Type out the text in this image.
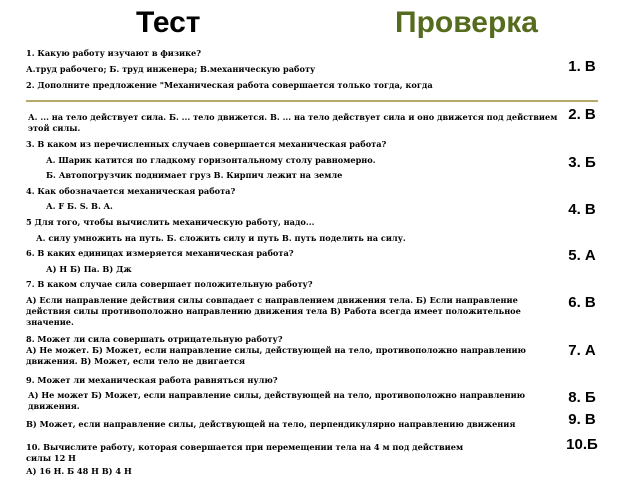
Тест	Проверка
1. Какую работу изучают в физике?
А.труд рабочего; Б. труд инженера; В.механическую работу
2. Дополните предложение "Механическая работа совершается только тогда, когда
А. ... на тело действует сила. Б. ... тело движется. В. ... на тело действует сила и оно движется под действием этой силы.
3. В каком из перечисленных случаев совершается механическая работа?
А. Шарик катится по гладкому горизонтальному столу равномерно.
Б. Автопогрузчик поднимает груз В. Кирпич лежит на земле
4. Как обозначается механическая работа?
А. F Б. S. В. A.
5 Для того, чтобы вычислить механическую работу, надо...
А. силу умножить на путь. Б. сложить силу и путь В. путь поделить на силу.
6. В каких единицах измеряется механическая работа?
А) Н Б) Па. В) Дж
7. В каком случае сила совершает положительную работу?
А) Если направление действия силы совпадает с направлением движения тела. Б) Если направление действия силы противоположно направлению движения тела В) Работа всегда имеет положительное значение.
8. Может ли сила совершать отрицательную работу?
А) Не может. Б) Может, если направление силы, действующей на тело, противоположно направлению движения. В) Может, если тело не двигается
9. Может ли механическая работа равняться нулю?
А) Не может Б) Может, если направление силы, действующей на тело, противоположно направлению движения.
В) Может, если направление силы, действующей на тело, перпендикулярно направлению движения
10. Вычислите работу, которая совершается при перемещении тела на 4 м под действием силы 12 Н
А) 16 Н. Б 48 Н В) 4 Н
1. В
2. В
3. Б
4. В
5. А
6. В
7. А
8. Б
9. В
10.Б
